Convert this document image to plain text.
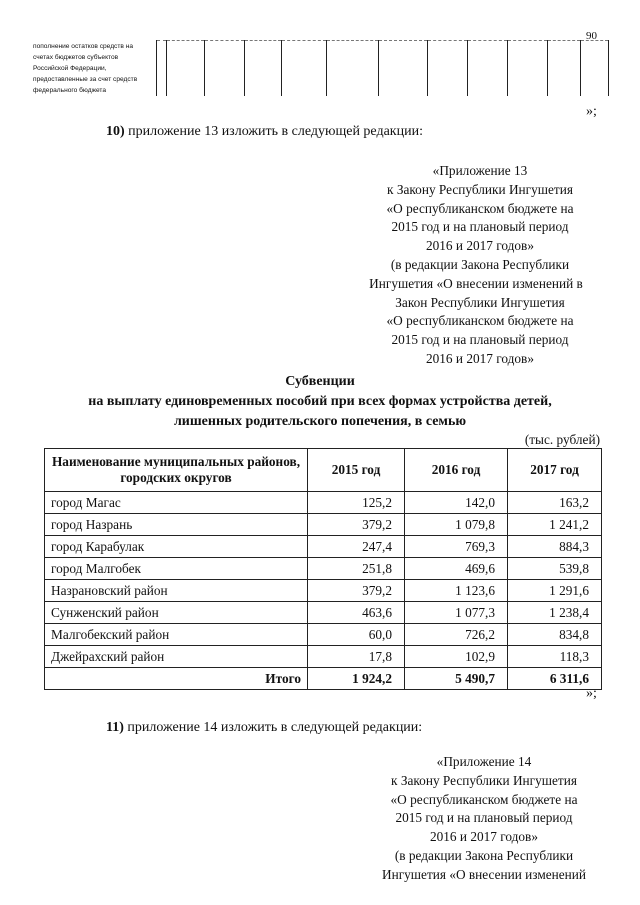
90
пополнение остатков средств на
счетах бюджетов субъектов
Российской Федерации,
предоставленные за счет средств
федерального бюджета

»;
10) приложение 13 изложить в следующей редакции:
«Приложение 13
к Закону Республики Ингушетия
«О республиканском бюджете на
2015 год и на плановый период
2016 и 2017 годов»
(в редакции Закона Республики
Ингушетия «О внесении изменений в
Закон Республики Ингушетия
«О республиканском бюджете на
2015 год и на плановый период
2016 и 2017 годов»
Субвенции
на выплату единовременных пособий при всех формах устройства детей,
лишенных родительского попечения, в семью
(тыс. рублей)
Наименование муниципальных районов, городских округов	2015 год	2016 год	2017 год
город Магас	125,2	142,0	163,2
город Назрань	379,2	1 079,8	1 241,2
город Карабулак	247,4	769,3	884,3
город Малгобек	251,8	469,6	539,8
Назрановский район	379,2	1 123,6	1 291,6
Сунженский район	463,6	1 077,3	1 238,4
Малгобекский район	60,0	726,2	834,8
Джейрахский район	17,8	102,9	118,3
Итого	1 924,2	5 490,7	6 311,6
»;
11) приложение 14 изложить в следующей редакции:
«Приложение 14
к Закону Республики Ингушетия
«О республиканском бюджете на
2015 год и на плановый период
2016 и 2017 годов»
(в редакции Закона Республики
Ингушетия «О внесении изменений
